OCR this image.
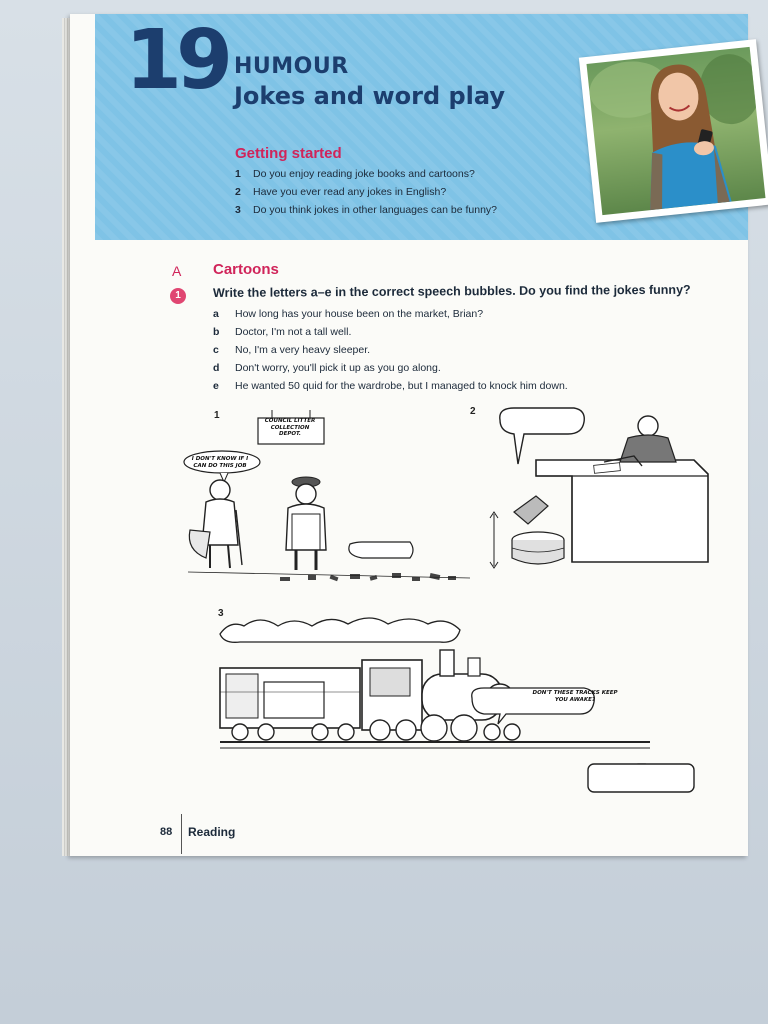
19 HUMOUR
Jokes and word play
Getting started
1 Do you enjoy reading joke books and cartoons?
2 Have you ever read any jokes in English?
3 Do you think jokes in other languages can be funny?
A Cartoons
1	Write the letters a–e in the correct speech bubbles. Do you find the jokes funny?
a How long has your house been on the market, Brian?
b Doctor, I'm not a tall well.
c No, I'm a very heavy sleeper.
d Don't worry, you'll pick it up as you go along.
e He wanted 50 quid for the wardrobe, but I managed to knock him down.
1	COUNCIL LITTER COLLECTION DEPOT.
I DON'T KNOW IF I CAN DO THIS JOB
2
3
DON'T THESE TRACKS KEEP YOU AWAKE?
88 Reading
